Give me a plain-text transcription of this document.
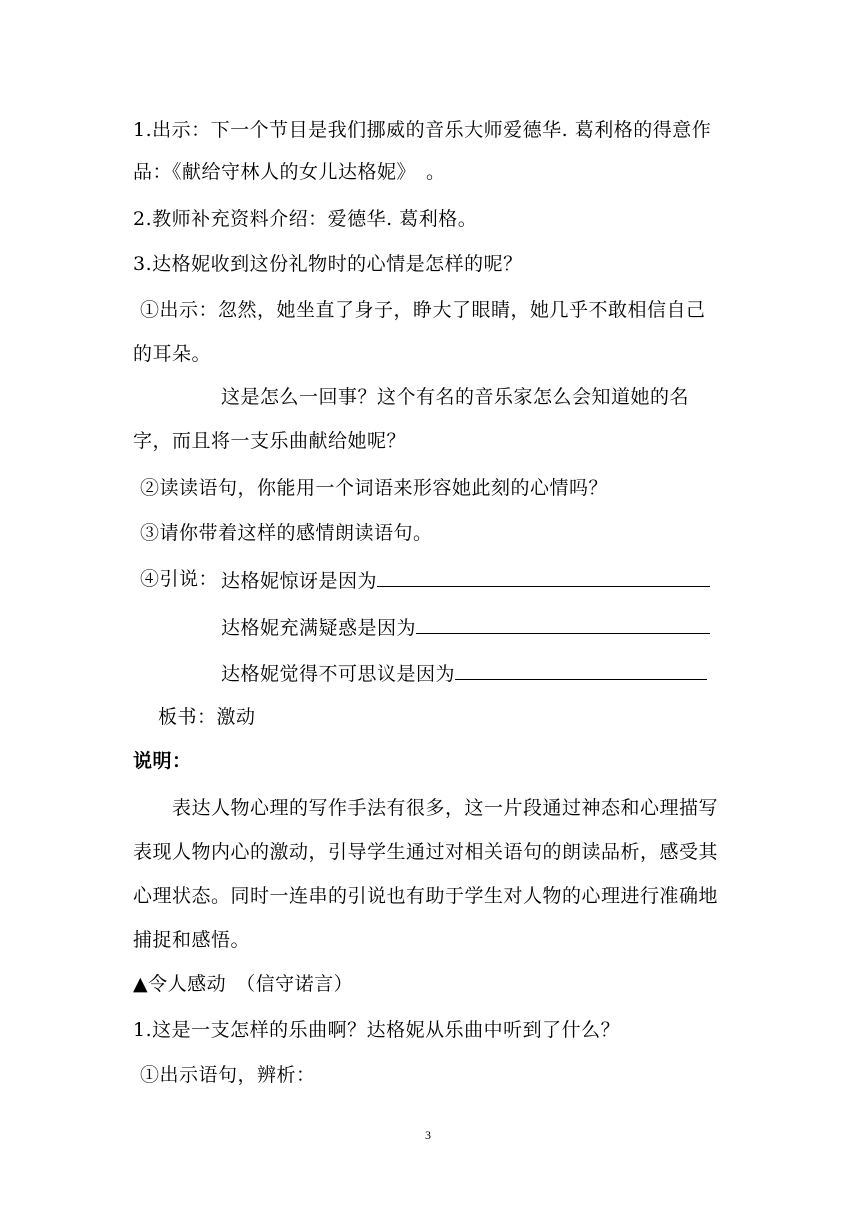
1.出示：下一个节目是我们挪威的音乐大师爱德华. 葛利格的得意作
品：《献给守林人的女儿达格妮》　。
2.教师补充资料介绍：爱德华. 葛利格。
3.达格妮收到这份礼物时的心情是怎样的呢？
①出示：忽然，她坐直了身子，睁大了眼睛，她几乎不敢相信自己
的耳朵。
这是怎么一回事？这个有名的音乐家怎么会知道她的名
字，而且将一支乐曲献给她呢？
②读读语句，你能用一个词语来形容她此刻的心情吗？
③请你带着这样的感情朗读语句。
④引说： 达格妮惊讶是因为
达格妮充满疑惑是因为
达格妮觉得不可思议是因为
板书：激动
说明：
表达人物心理的写作手法有很多，这一片段通过神态和心理描写
表现人物内心的激动，引导学生通过对相关语句的朗读品析，感受其
心理状态。同时一连串的引说也有助于学生对人物的心理进行准确地
捕捉和感悟。
▲令人感动　（信守诺言）
1.这是一支怎样的乐曲啊？达格妮从乐曲中听到了什么？
①出示语句，辨析：
3
